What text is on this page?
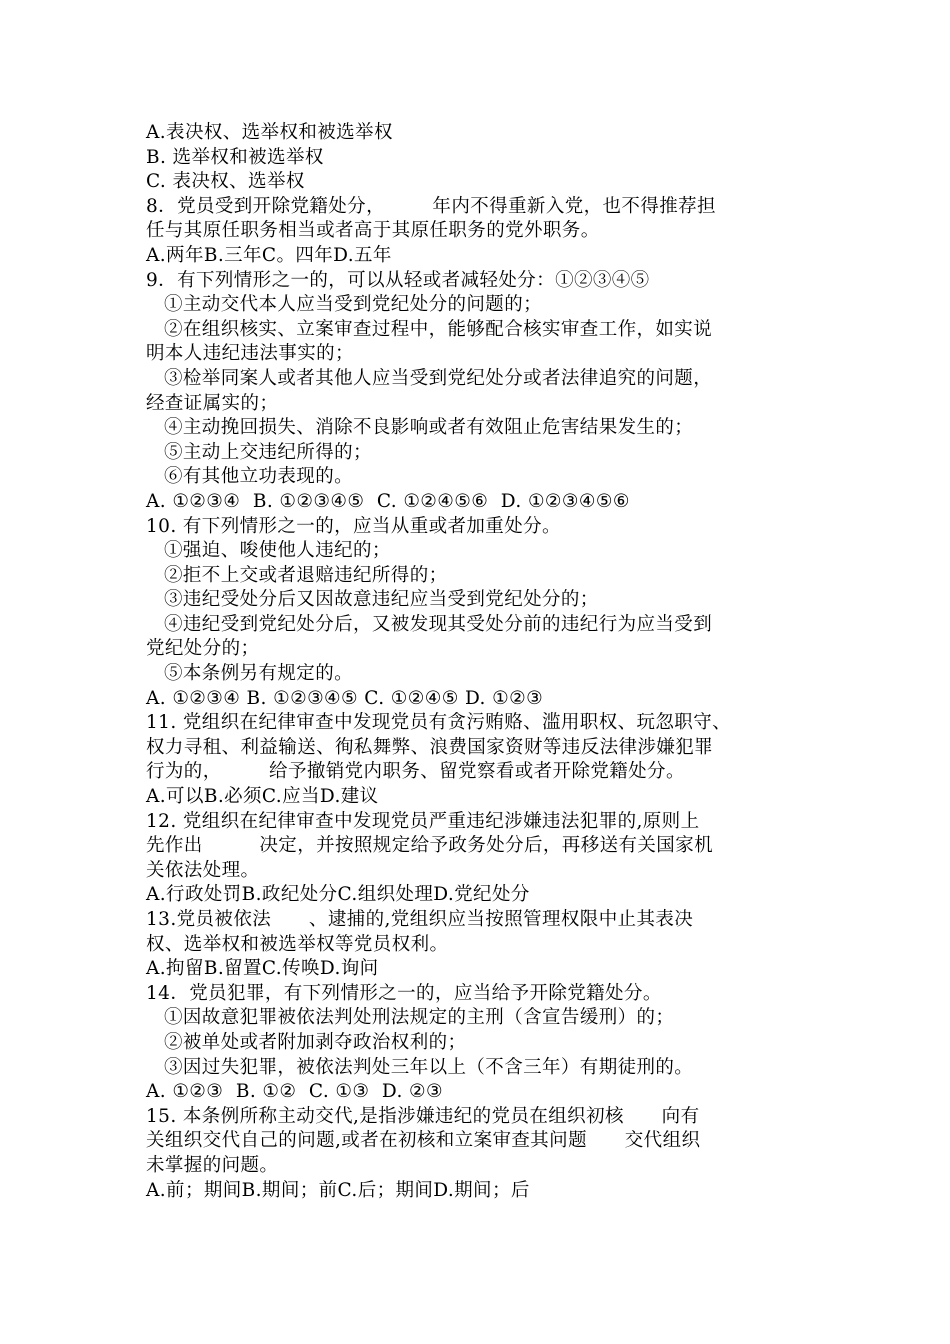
A.表决权、选举权和被选举权
B. 选举权和被选举权
C. 表决权、选举权
8．党员受到开除党籍处分，　　　年内不得重新入党，也不得推荐担
任与其原任职务相当或者高于其原任职务的党外职务。
A.两年B.三年C。四年D.五年
9．有下列情形之一的，可以从轻或者减轻处分：①②③④⑤
①主动交代本人应当受到党纪处分的问题的；
②在组织核实、立案审查过程中，能够配合核实审查工作，如实说
明本人违纪违法事实的；
③检举同案人或者其他人应当受到党纪处分或者法律追究的问题，
经查证属实的；
④主动挽回损失、消除不良影响或者有效阻止危害结果发生的；
⑤主动上交违纪所得的；
⑥有其他立功表现的。
A. ①②③④  B. ①②③④⑤  C. ①②④⑤⑥  D. ①②③④⑤⑥
10. 有下列情形之一的，应当从重或者加重处分。
①强迫、唆使他人违纪的；
②拒不上交或者退赔违纪所得的；
③违纪受处分后又因故意违纪应当受到党纪处分的；
④违纪受到党纪处分后，又被发现其受处分前的违纪行为应当受到
党纪处分的；
⑤本条例另有规定的。
A. ①②③④ B. ①②③④⑤ C. ①②④⑤ D. ①②③
11. 党组织在纪律审查中发现党员有贪污贿赂、滥用职权、玩忽职守、
权力寻租、利益输送、徇私舞弊、浪费国家资财等违反法律涉嫌犯罪
行为的，　　　给予撤销党内职务、留党察看或者开除党籍处分。
A.可以B.必须C.应当D.建议
12. 党组织在纪律审查中发现党员严重违纪涉嫌违法犯罪的,原则上
先作出　　　决定，并按照规定给予政务处分后，再移送有关国家机
关依法处理。
A.行政处罚B.政纪处分C.组织处理D.党纪处分
13.党员被依法　　、逮捕的,党组织应当按照管理权限中止其表决
权、选举权和被选举权等党员权利。
A.拘留B.留置C.传唤D.询问
14．党员犯罪，有下列情形之一的，应当给予开除党籍处分。
①因故意犯罪被依法判处刑法规定的主刑（含宣告缓刑）的；
②被单处或者附加剥夺政治权利的；
③因过失犯罪，被依法判处三年以上（不含三年）有期徒刑的。
A. ①②③  B. ①②  C. ①③  D. ②③
15. 本条例所称主动交代,是指涉嫌违纪的党员在组织初核　　向有
关组织交代自己的问题,或者在初核和立案审查其问题　　交代组织
未掌握的问题。
A.前；期间B.期间；前C.后；期间D.期间；后
